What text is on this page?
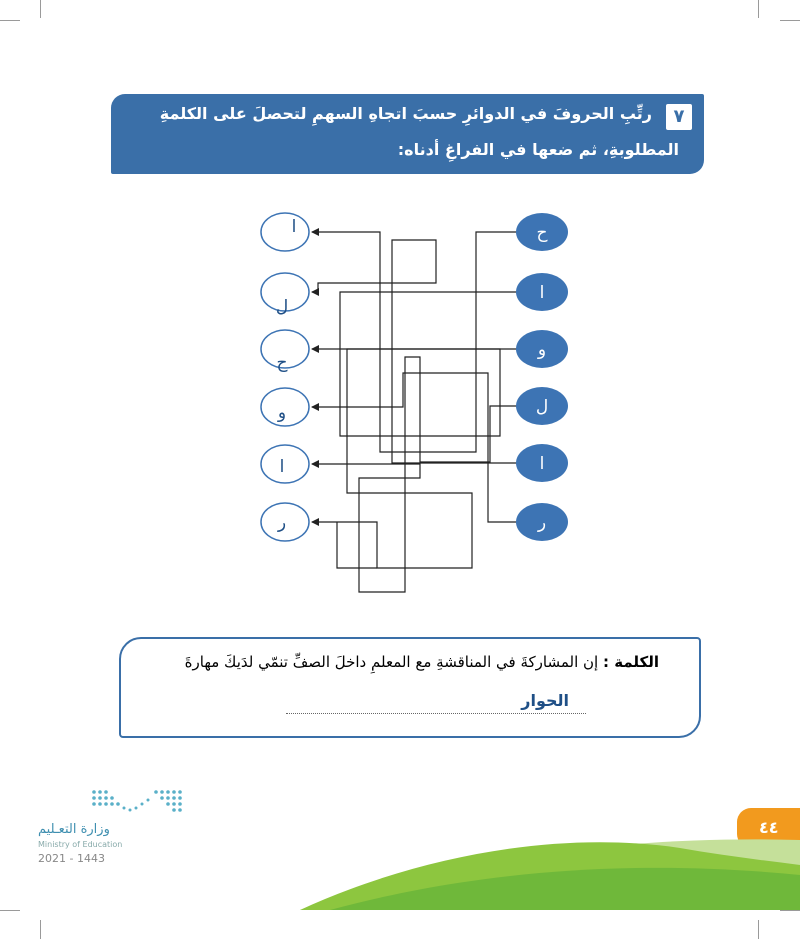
٧
رتِّبِ الحروفَ في الدوائرِ حسبَ اتجاهِ السهمِ لتحصلَ على الكلمةِ
المطلوبةِ، ثم ضعها في الفراغِ أدناه:
ح
ا
و
ل
ا
ر
ا
ل
ح
و
ا
ر
الكلمة : إن المشاركةَ في المناقشةِ مع المعلمِ داخلَ الصفِّ تنمّي لدَيكَ مهارةَ
الحوار
وزارة التعـليم
Ministry of Education
2021 - 1443
٤٤
